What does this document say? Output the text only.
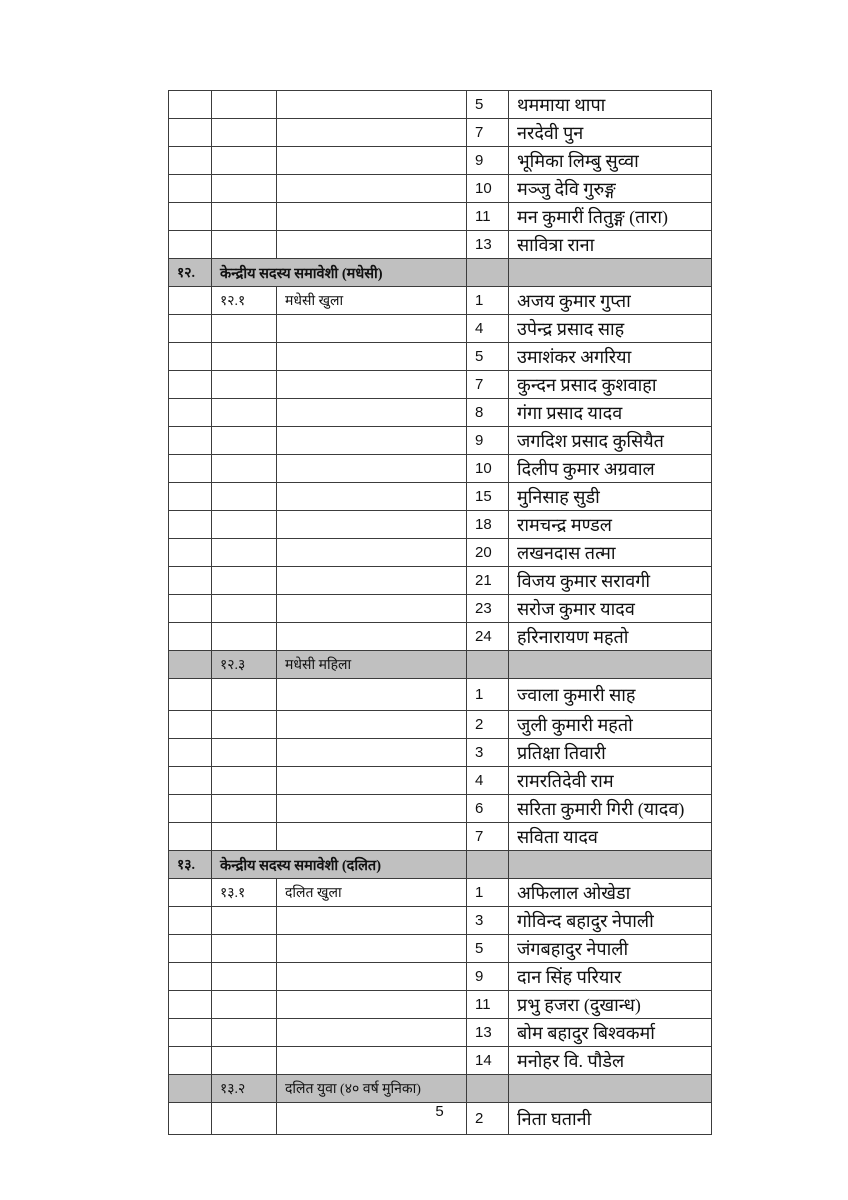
			5	थममाया थापा
			7	नरदेवी पुन
			9	भूमिका लिम्बु सुव्वा
			10	मञ्जु देवि गुरुङ्ग
			11	मन कुमारीं तितुङ्ग (तारा)
			13	सावित्रा राना
१२.	केन्द्रीय सदस्य समावेशी (मधेसी)			
	१२.१	मधेसी खुला	1	अजय कुमार गुप्ता
			4	उपेन्द्र प्रसाद साह
			5	उमाशंकर अगरिया
			7	कुन्दन प्रसाद कुशवाहा
			8	गंगा प्रसाद यादव
			9	जगदिश प्रसाद कुसियैत
			10	दिलीप कुमार अग्रवाल
			15	मुनिसाह सुडी
			18	रामचन्द्र मण्डल
			20	लखनदास तत्मा
			21	विजय कुमार सरावगी
			23	सरोज कुमार यादव
			24	हरिनारायण महतो
	१२.३	मधेसी महिला		
			1	ज्वाला कुमारी साह
			2	जुली कुमारी महतो
			3	प्रतिक्षा तिवारी
			4	रामरतिदेवी राम
			6	सरिता कुमारी गिरी (यादव)
			7	सविता यादव
१३.	केन्द्रीय सदस्य समावेशी (दलित)			
	१३.१	दलित खुला	1	अफिलाल ओखेडा
			3	गोविन्द बहादुर नेपाली
			5	जंगबहादुर नेपाली
			9	दान सिंह परियार
			11	प्रभु हजरा (दुखान्ध)
			13	बोम बहादुर बिश्वकर्मा
			14	मनोहर वि. पौडेल
	१३.२	दलित युवा (४० वर्ष मुनिका)		
			2	निता घतानी
5
